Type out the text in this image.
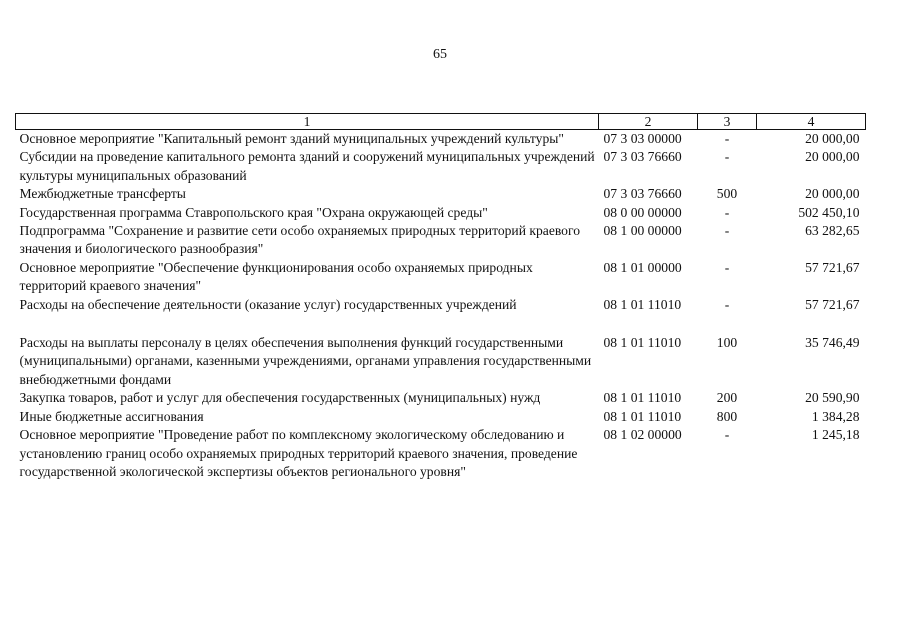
65
1	2	3	4
Основное мероприятие "Капитальный ремонт зданий муниципальных учреждений культуры"	07 3 03 00000	-	20 000,00
Субсидии на проведение капитального ремонта зданий и сооружений муниципальных учреждений культуры муниципальных образований	07 3 03 76660	-	20 000,00
Межбюджетные трансферты	07 3 03 76660	500	20 000,00
Государственная программа Ставропольского края "Охрана окружающей среды"	08 0 00 00000	-	502 450,10
Подпрограмма "Сохранение и развитие сети особо охраняемых природных территорий краевого значения и биологического разнообразия"	08 1 00 00000	-	63 282,65
Основное мероприятие "Обеспечение функционирования особо охраняемых природных территорий краевого значения"	08 1 01 00000	-	57 721,67
Расходы на обеспечение деятельности (оказание услуг) государственных учреждений	08 1 01 11010	-	57 721,67
Расходы на выплаты персоналу в целях обеспечения выполнения функций государственными (муниципальными) органами, казенными учреждениями, органами управления государственными внебюджетными фондами	08 1 01 11010	100	35 746,49
Закупка товаров, работ и услуг для обеспечения государственных (муниципальных) нужд	08 1 01 11010	200	20 590,90
Иные бюджетные ассигнования	08 1 01 11010	800	1 384,28
Основное мероприятие "Проведение работ по комплексному экологическому обследованию и установлению границ особо охраняемых природных территорий краевого значения, проведение государственной экологической экспертизы объектов регионального уровня"	08 1 02 00000	-	1 245,18
